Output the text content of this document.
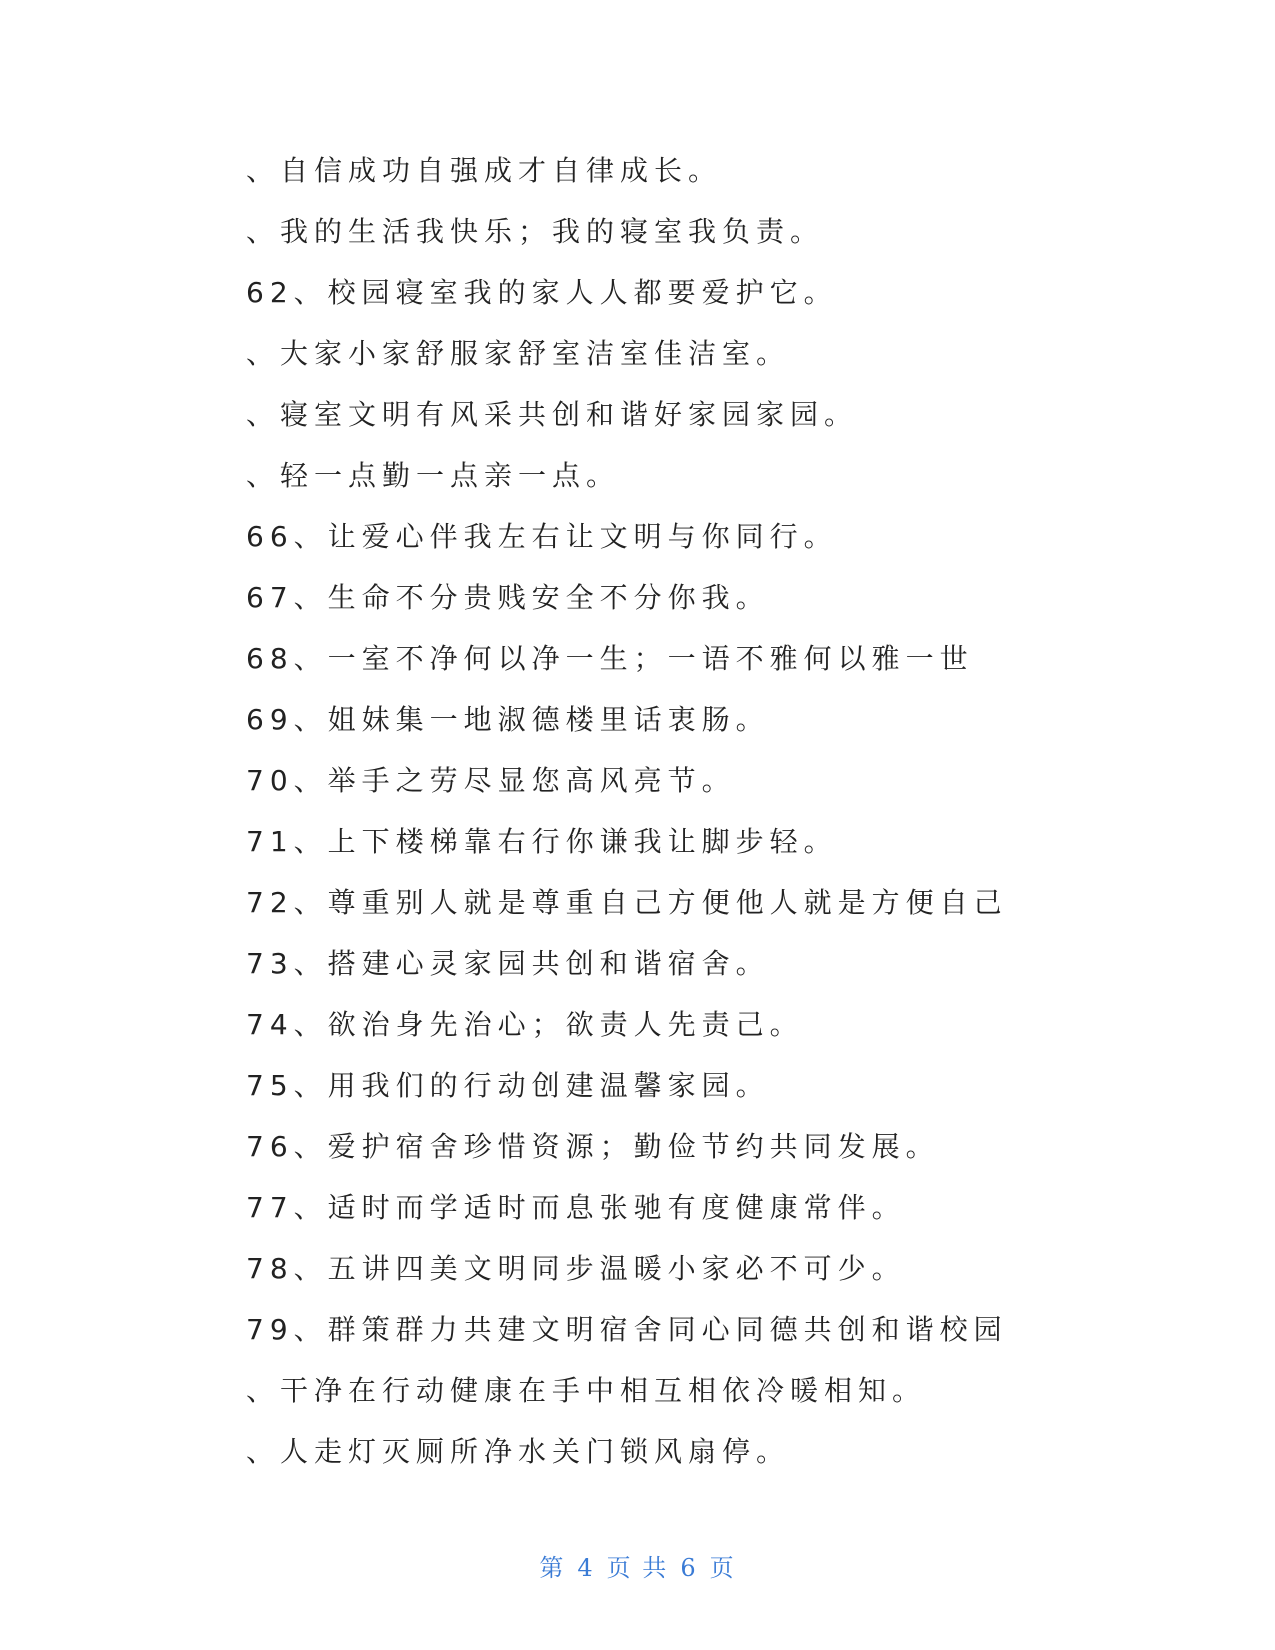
、自信成功自强成才自律成长。
、我的生活我快乐；我的寝室我负责。
62、校园寝室我的家人人都要爱护它。
、大家小家舒服家舒室洁室佳洁室。
、寝室文明有风采共创和谐好家园家园。
、轻一点勤一点亲一点。
66、让爱心伴我左右让文明与你同行。
67、生命不分贵贱安全不分你我。
68、一室不净何以净一生；一语不雅何以雅一世
69、姐妹集一地淑德楼里话衷肠。
70、举手之劳尽显您高风亮节。
71、上下楼梯靠右行你谦我让脚步轻。
72、尊重别人就是尊重自己方便他人就是方便自己
73、搭建心灵家园共创和谐宿舍。
74、欲治身先治心；欲责人先责己。
75、用我们的行动创建温馨家园。
76、爱护宿舍珍惜资源；勤俭节约共同发展。
77、适时而学适时而息张驰有度健康常伴。
78、五讲四美文明同步温暖小家必不可少。
79、群策群力共建文明宿舍同心同德共创和谐校园
、干净在行动健康在手中相互相依冷暖相知。
、人走灯灭厕所净水关门锁风扇停。
第 4 页 共 6 页
